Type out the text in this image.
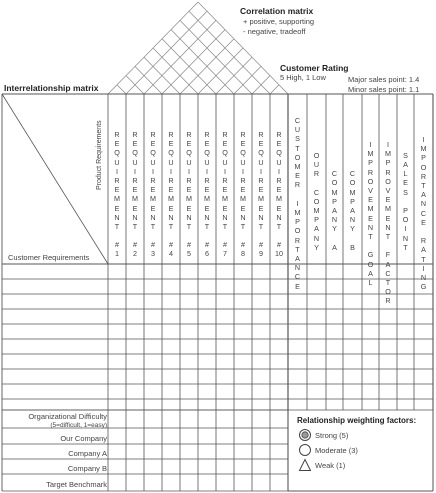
Correlation matrix
+ positive, supporting
- negative, tradeoff
Customer Rating
5 High, 1 Low	Major sales point: 1.4
Minor sales point: 1.1
Interrelationship matrix
Product Requirements
Customer Requirements
R
E
Q
U
I
R
E
M
E
N
T
#
1
R
E
Q
U
I
R
E
M
E
N
T
#
2
R
E
Q
U
I
R
E
M
E
N
T
#
3
R
E
Q
U
I
R
E
M
E
N
T
#
4
R
E
Q
U
I
R
E
M
E
N
T
#
5
R
E
Q
U
I
R
E
M
E
N
T
#
6
R
E
Q
U
I
R
E
M
E
N
T
#
7
R
E
Q
U
I
R
E
M
E
N
T
#
8
R
E
Q
U
I
R
E
M
E
N
T
#
9
R
E
Q
U
I
R
E
M
E
N
T
#
10
C
U
S
T
O
M
E
R

I
M
P
O
R
T
A
N
C
E
O
U
R

C
O
M
P
A
N
Y
C
O
M
P
A
N
Y

A
C
O
M
P
A
N
Y

B
I
M
P
R
O
V
E
M
E
N
T

G
O
A
L
I
M
P
R
O
V
E
M
E
N
T

F
A
C
T
O
R
S
A
L
E
S

P
O
I
N
T
I
M
P
O
R
T
A
N
C
E

R
A
T
I
N
G
Organizational Difficulty
(5=difficult, 1=easy)
Our Company
Company A
Company B
Target Benchmark
Relationship weighting factors:
Strong (5)
Moderate (3)
Weak (1)
